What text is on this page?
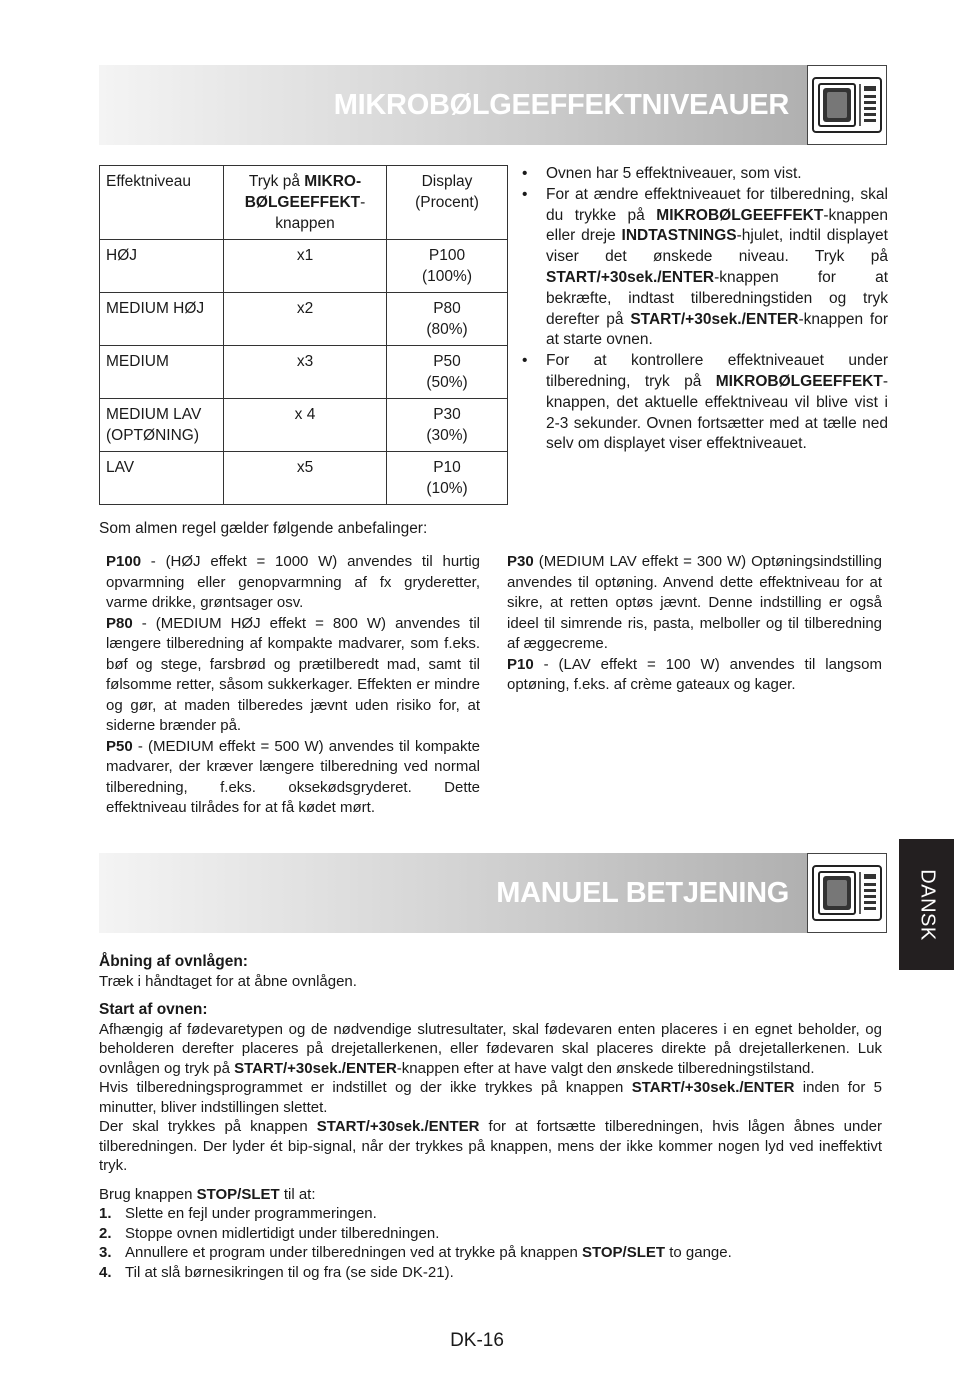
MIKROBØLGEEFFEKTNIVEAUER
Effektniveau	Tryk på MIKRO-BØLGEEFFEKT-knappen	Display (Procent)
HØJ	x1	P100
(100%)

MEDIUM HØJ	x2	P80
(80%)

MEDIUM	x3	P50
(50%)

MEDIUM LAV (OPTØNING)	x 4	P30
(30%)

LAV	x5	P10
(10%)
• Ovnen har 5 effektniveauer, som vist.
• For at ændre effektniveauet for tilberedning, skal du trykke på MIKROBØLGEEFFEKT-knappen eller dreje INDTASTNINGS-hjulet, indtil displayet viser det ønskede niveau. Tryk på START/+30sek./ENTER-knappen for at bekræfte, indtast tilberedningstiden og tryk derefter på START/+30sek./ENTER-knappen for at starte ovnen.
• For at kontrollere effektniveauet under tilberedning, tryk på MIKROBØLGEEFFEKT-knappen, det aktuelle effektniveau vil blive vist i 2-3 sekunder. Ovnen fortsætter med at tælle ned selv om displayet viser effektniveauet.
Som almen regel gælder følgende anbefalinger:

P100 - (HØJ effekt = 1000 W) anvendes til hurtig opvarmning eller genopvarmning af fx gryderetter, varme drikke, grøntsager osv.

P80 - (MEDIUM HØJ effekt = 800 W) anvendes til længere tilberedning af kompakte madvarer, som f.eks. bøf og stege, farsbrød og prætilberedt mad, samt til følsomme retter, såsom sukkerkager. Effekten er mindre og gør, at maden tilberedes jævnt uden risiko for, at siderne brænder på.

P50 - (MEDIUM effekt = 500 W) anvendes til kompakte madvarer, der kræver længere tilberedning ved normal tilberedning, f.eks. oksekødsgryderet. Dette effektniveau tilrådes for at få kødet mørt.

P30 (MEDIUM LAV effekt = 300 W) Optøningsindstilling anvendes til optøning. Anvend dette effektniveau for at sikre, at retten optøs jævnt. Denne indstilling er også ideel til simrende ris, pasta, melboller og til tilberedning af æggecreme.

P10 - (LAV effekt = 100 W) anvendes til langsom optøning, f.eks. af crème gateaux og kager.

MANUEL BETJENING	DANSK
Åbning af ovnlågen:

Træk i håndtaget for at åbne ovnlågen.

Start af ovnen:

Afhængig af fødevaretypen og de nødvendige slutresultater, skal fødevaren enten placeres i en egnet beholder, og beholderen derefter placeres på drejetallerkenen, eller fødevaren skal placeres direkte på drejetallerkenen. Luk ovnlågen og tryk på START/+30sek./ENTER-knappen efter at have valgt den ønskede tilberedningstilstand.

Hvis tilberedningsprogrammet er indstillet og der ikke trykkes på knappen START/+30sek./ENTER inden for 5 minutter, bliver indstillingen slettet.

Der skal trykkes på knappen START/+30sek./ENTER for at fortsætte tilberedningen, hvis lågen åbnes under tilberedningen. Der lyder ét bip-signal, når der trykkes på knappen, mens der ikke kommer nogen lyd ved ineffektivt tryk.

Brug knappen STOP/SLET til at:

1. Slette en fejl under programmeringen.
2. Stoppe ovnen midlertidigt under tilberedningen.
3. Annullere et program under tilberedningen ved at trykke på knappen STOP/SLET to gange.
4. Til at slå børnesikringen til og fra (se side DK-21).
DK-16
